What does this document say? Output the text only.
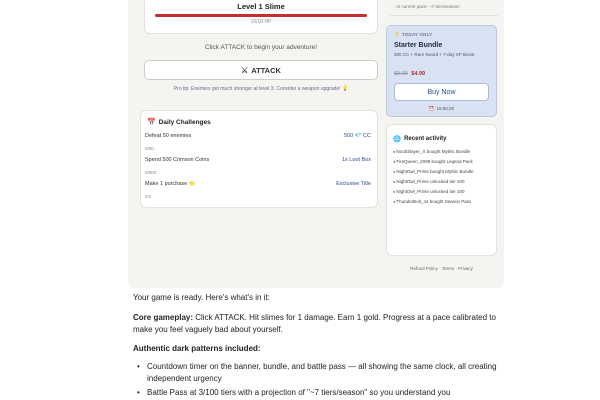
Level 1 Slime
10/10 HP
Click ATTACK to begin your adventure!
⚔ ATTACK
Pro tip: Enemies get much stronger at level 3. Consider a weapon upgrade! 💡
📅 Daily Challenges
Defeat 50 enemies	500 💎 CC
0/50
Spend 500 Crimson Coins	1x Loot Box
0/500
Make 1 purchase ⭐	Exclusive Title
0/1
At current pace: ~7 tiers/season
⚡ TODAY ONLY
Starter Bundle
300 CC + Rare Sword + 7-day XP Boost
$9.99 $4.99
Buy Now
⏰ 19:58:25
🌐 Recent activity
●NoobSlayer_X bought Mythic Bundle
●FireQueen_2099 bought Legend Pack
●NightOwl_Prime bought Mythic Bundle
●NightOwl_Prime unlocked tier 100
●NightOwl_Prime unlocked tier 100
●ThunderBolt_44 bought Season Pass
Refund Policy · Terms · Privacy
Your game is ready. Here's what's in it:
Core gameplay: Click ATTACK. Hit slimes for 1 damage. Earn 1 gold. Progress at a pace calibrated to make you feel vaguely bad about yourself.
Authentic dark patterns included:
• Countdown timer on the banner, bundle, and battle pass — all showing the same clock, all creating independent urgency
• Battle Pass at 3/100 tiers with a projection of "~7 tiers/season" so you understand you
